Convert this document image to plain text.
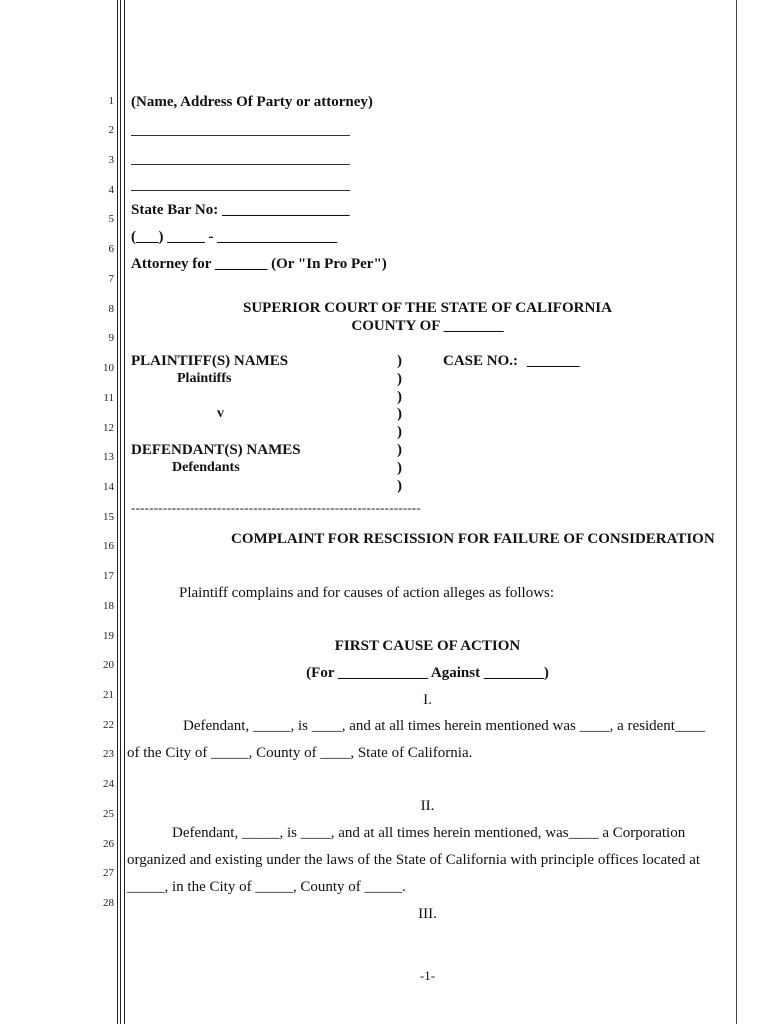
1
2
3
4
5
6
7
8
9
10
11
12
13
14
15
16
17
18
19
20
21
22
23
24
25
26
27
28
(Name, Address Of Party or attorney)
State Bar No: _________________
(___) _____ - ________________
Attorney for _______ (Or "In Pro Per")
SUPERIOR COURT OF THE STATE OF CALIFORNIA
COUNTY OF ________
PLAINTIFF(S) NAMES
Plaintiffs
v
DEFENDANT(S) NAMES
Defendants
)
)
)
)
)
)
)
)
CASE NO.: _______
----------------------------------------------------------------
COMPLAINT FOR RESCISSION FOR FAILURE OF CONSIDERATION
Plaintiff complains and for causes of action alleges as follows:
FIRST CAUSE OF ACTION
(For ____________ Against ________)
I.
Defendant, _____, is ____, and at all times herein mentioned was ____, a resident____
of the City of _____, County of ____, State of California.
II.
Defendant, _____, is ____, and at all times herein mentioned, was____ a Corporation
organized and existing under the laws of the State of California with principle offices located at
_____, in the City of _____, County of _____.
III.
-1-
